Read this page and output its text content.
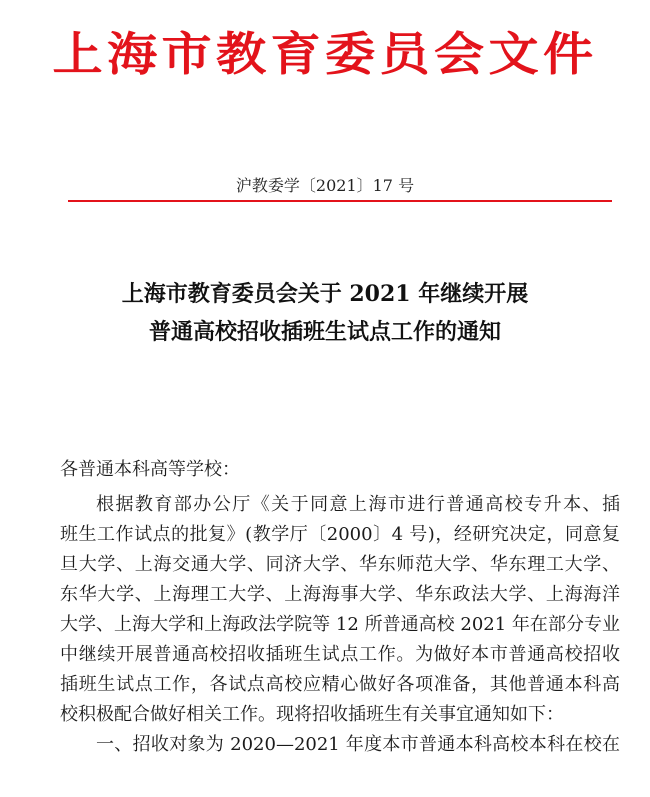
上海市教育委员会文件
沪教委学〔2021〕17 号
上海市教育委员会关于 2021 年继续开展
普通高校招收插班生试点工作的通知
各普通本科高等学校：
根据教育部办公厅《关于同意上海市进行普通高校专升本、插
班生工作试点的批复》(教学厅〔2000〕4 号)，经研究决定，同意复
旦大学、上海交通大学、同济大学、华东师范大学、华东理工大学、
东华大学、上海理工大学、上海海事大学、华东政法大学、上海海洋
大学、上海大学和上海政法学院等 12 所普通高校 2021 年在部分专业
中继续开展普通高校招收插班生试点工作。为做好本市普通高校招收
插班生试点工作，各试点高校应精心做好各项准备，其他普通本科高
校积极配合做好相关工作。现将招收插班生有关事宜通知如下：
一、招收对象为 2020—2021 年度本市普通本科高校本科在校在
